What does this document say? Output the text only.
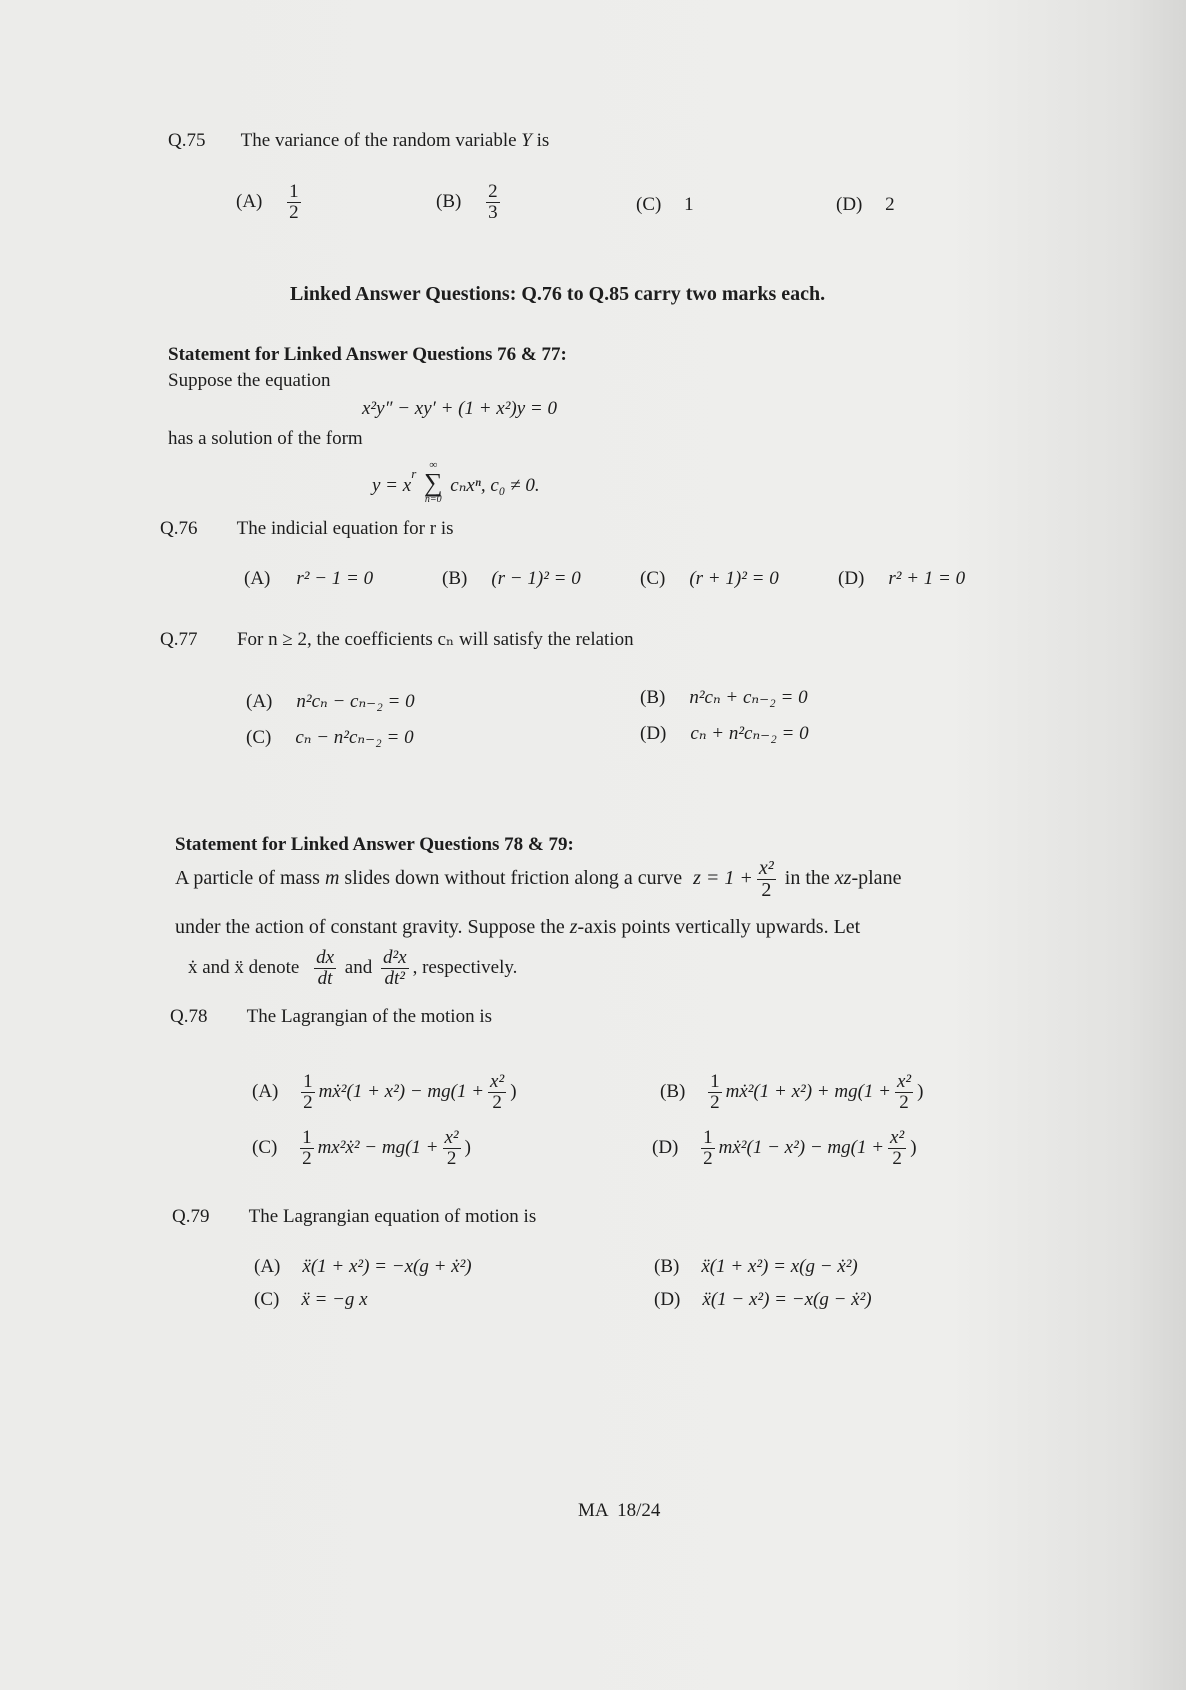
Q.75 The variance of the random variable Y is
$(A) \frac{1}{2}$	$(B) \frac{2}{3}$	(C) 1	(D) 2
Linked Answer Questions: Q.76 to Q.85 carry two marks each.
Statement for Linked Answer Questions 76 & 77:
Suppose the equation
x²y″ − xy′ + (1 + x²)y = 0
has a solution of the form
$y = x^r$
∞
∑
n=0
cₙxⁿ, c₀ ≠ 0.
Q.76 The indicial equation for r is
(A) r² − 1 = 0	(B) (r − 1)² = 0	(C) (r + 1)² = 0	(D) r² + 1 = 0
Q.77 For n ≥ 2, the coefficients cₙ will satisfy the relation
(A) n²cₙ − cₙ₋₂ = 0	(B) n²cₙ + cₙ₋₂ = 0
(C) cₙ − n²cₙ₋₂ = 0	(D) cₙ + n²cₙ₋₂ = 0
Statement for Linked Answer Questions 78 & 79:
A particle of mass m slides down without friction along a curve $z = 1 + \frac{\text{x²}}{2}$ in the xz-plane
under the action of constant gravity. Suppose the z-axis points vertically upwards. Let
ẋ and ẍ denote $\frac{dx}{dt}$ and $\frac{\text{d²x}}{\text{dt²}}$ , respectively.
Q.78 The Lagrangian of the motion is
$(A) \frac{1}{2}$ mẋ²(1 + $x^2) - mg(1 + \frac{\text{x²}}{2}$ )	$(B) \frac{1}{2}$ mẋ²(1 + $x^2) + mg(1 + \frac{\text{x²}}{2}$ )
$(C) \frac{1}{2}$ mx²ẋ² − $mg(1 + \frac{\text{x²}}{2}$ )	$(D) \frac{1}{2}$ mẋ²(1 − $x^2) - mg(1 + \frac{\text{x²}}{2}$ )
Q.79 The Lagrangian equation of motion is
(A) ẍ(1 + x²) = −x(g + ẋ²)	(B) ẍ(1 + x²) = x(g − ẋ²)
(C) ẍ = −g x	(D) ẍ(1 − x²) = −x(g − ẋ²)
MA  18/24
